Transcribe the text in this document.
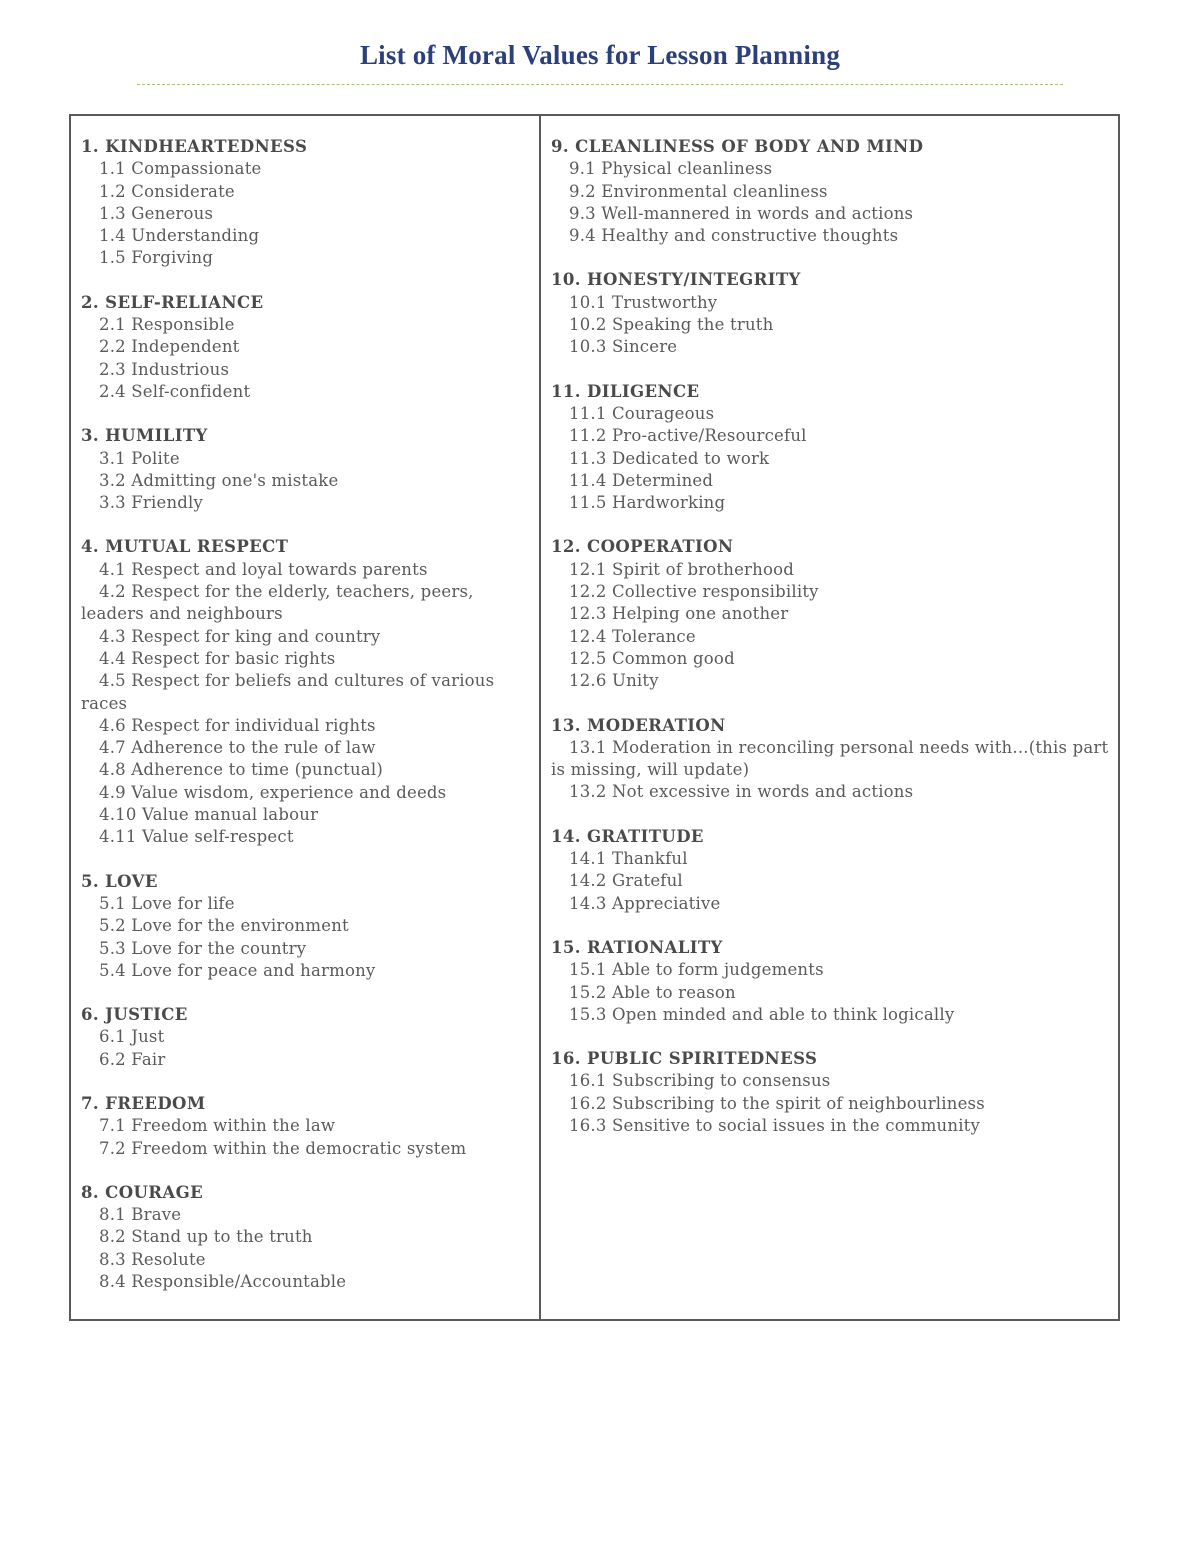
List of Moral Values for Lesson Planning
1. KINDHEARTEDNESS
1.1 Compassionate
1.2 Considerate
1.3 Generous
1.4 Understanding
1.5 Forgiving
2. SELF-RELIANCE
2.1 Responsible
2.2 Independent
2.3 Industrious
2.4 Self-confident
3. HUMILITY
3.1 Polite
3.2 Admitting one's mistake
3.3 Friendly
4. MUTUAL RESPECT
4.1 Respect and loyal towards parents
4.2 Respect for the elderly, teachers, peers, leaders and neighbours
4.3 Respect for king and country
4.4 Respect for basic rights
4.5 Respect for beliefs and cultures of various races
4.6 Respect for individual rights
4.7 Adherence to the rule of law
4.8 Adherence to time (punctual)
4.9 Value wisdom, experience and deeds
4.10 Value manual labour
4.11 Value self-respect
5. LOVE
5.1 Love for life
5.2 Love for the environment
5.3 Love for the country
5.4 Love for peace and harmony
6. JUSTICE
6.1 Just
6.2 Fair
7. FREEDOM
7.1 Freedom within the law
7.2 Freedom within the democratic system
8. COURAGE
8.1 Brave
8.2 Stand up to the truth
8.3 Resolute
8.4 Responsible/Accountable
9. CLEANLINESS OF BODY AND MIND
9.1 Physical cleanliness
9.2 Environmental cleanliness
9.3 Well-mannered in words and actions
9.4 Healthy and constructive thoughts
10. HONESTY/INTEGRITY
10.1 Trustworthy
10.2 Speaking the truth
10.3 Sincere
11. DILIGENCE
11.1 Courageous
11.2 Pro-active/Resourceful
11.3 Dedicated to work
11.4 Determined
11.5 Hardworking
12. COOPERATION
12.1 Spirit of brotherhood
12.2 Collective responsibility
12.3 Helping one another
12.4 Tolerance
12.5 Common good
12.6 Unity
13. MODERATION
13.1 Moderation in reconciling personal needs with...(this part is missing, will update)
13.2 Not excessive in words and actions
14. GRATITUDE
14.1 Thankful
14.2 Grateful
14.3 Appreciative
15. RATIONALITY
15.1 Able to form judgements
15.2 Able to reason
15.3 Open minded and able to think logically
16. PUBLIC SPIRITEDNESS
16.1 Subscribing to consensus
16.2 Subscribing to the spirit of neighbourliness
16.3 Sensitive to social issues in the community
